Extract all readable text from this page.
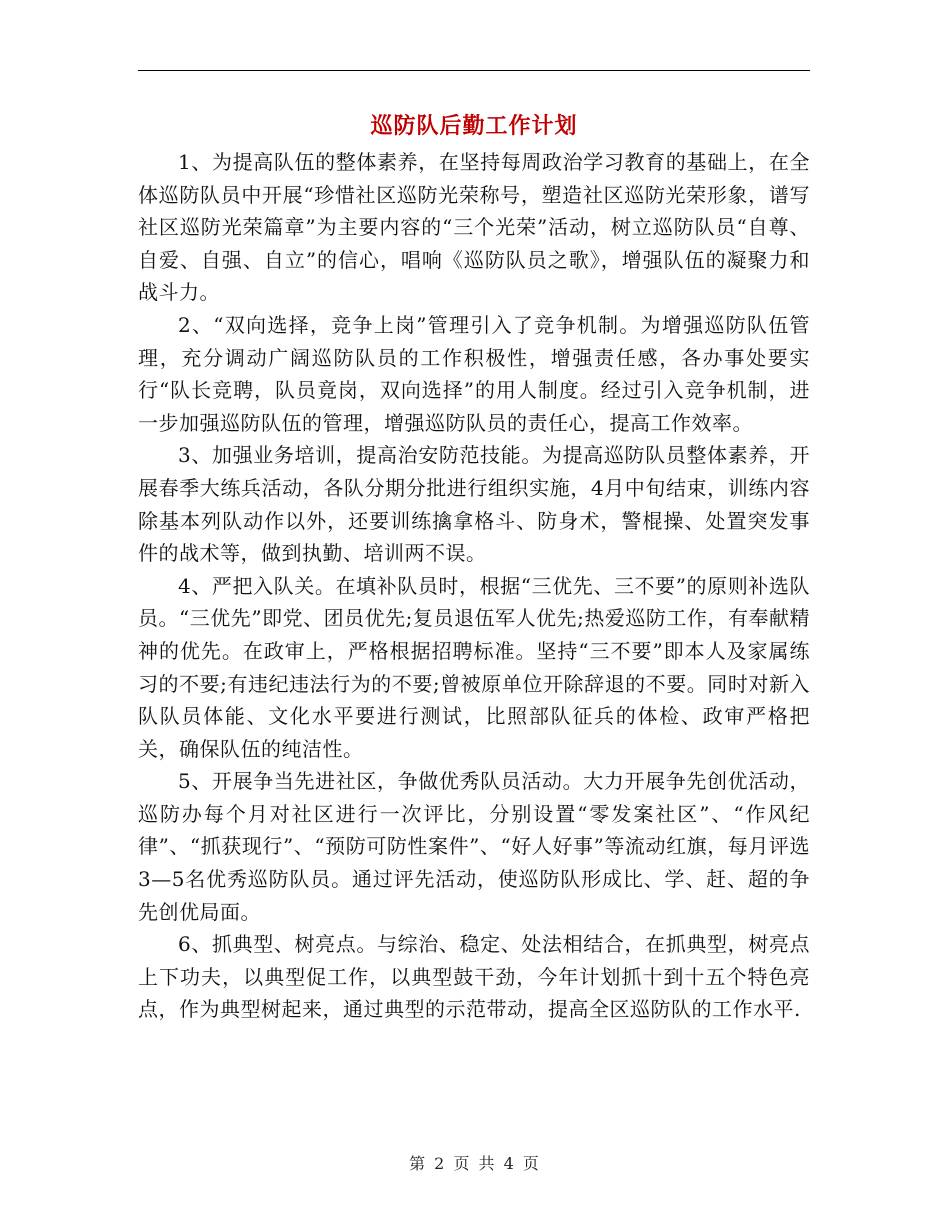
巡防队后勤工作计划

1、为提高队伍的整体素养，在坚持每周政治学习教育的基础上，在全体巡防队员中开展“珍惜社区巡防光荣称号，塑造社区巡防光荣形象，谱写社区巡防光荣篇章”为主要内容的“三个光荣”活动，树立巡防队员“自尊、自爱、自强、自立”的信心，唱响《巡防队员之歌》，增强队伍的凝聚力和战斗力。

2、“双向选择，竞争上岗”管理引入了竞争机制。为增强巡防队伍管理，充分调动广阔巡防队员的工作积极性，增强责任感，各办事处要实行“队长竞聘，队员竟岗，双向选择”的用人制度。经过引入竞争机制，进一步加强巡防队伍的管理，增强巡防队员的责任心，提高工作效率。

3、加强业务培训，提高治安防范技能。为提高巡防队员整体素养，开展春季大练兵活动，各队分期分批进行组织实施，4月中旬结束，训练内容除基本列队动作以外，还要训练擒拿格斗、防身术，警棍操、处置突发事件的战术等，做到执勤、培训两不误。

4、严把入队关。在填补队员时，根据“三优先、三不要”的原则补选队员。“三优先”即党、团员优先;复员退伍军人优先;热爱巡防工作，有奉献精神的优先。在政审上，严格根据招聘标准。坚持“三不要”即本人及家属练习的不要;有违纪违法行为的不要;曾被原单位开除辞退的不要。同时对新入队队员体能、文化水平要进行测试，比照部队征兵的体检、政审严格把关，确保队伍的纯洁性。

5、开展争当先进社区，争做优秀队员活动。大力开展争先创优活动，巡防办每个月对社区进行一次评比，分别设置“零发案社区”、“作风纪律”、“抓获现行”、“预防可防性案件”、“好人好事”等流动红旗，每月评选3—5名优秀巡防队员。通过评先活动，使巡防队形成比、学、赶、超的争先创优局面。

6、抓典型、树亮点。与综治、稳定、处法相结合，在抓典型，树亮点上下功夫，以典型促工作，以典型鼓干劲，今年计划抓十到十五个特色亮点，作为典型树起来，通过典型的示范带动，提高全区巡防队的工作水平.

第 2 页 共 4 页
